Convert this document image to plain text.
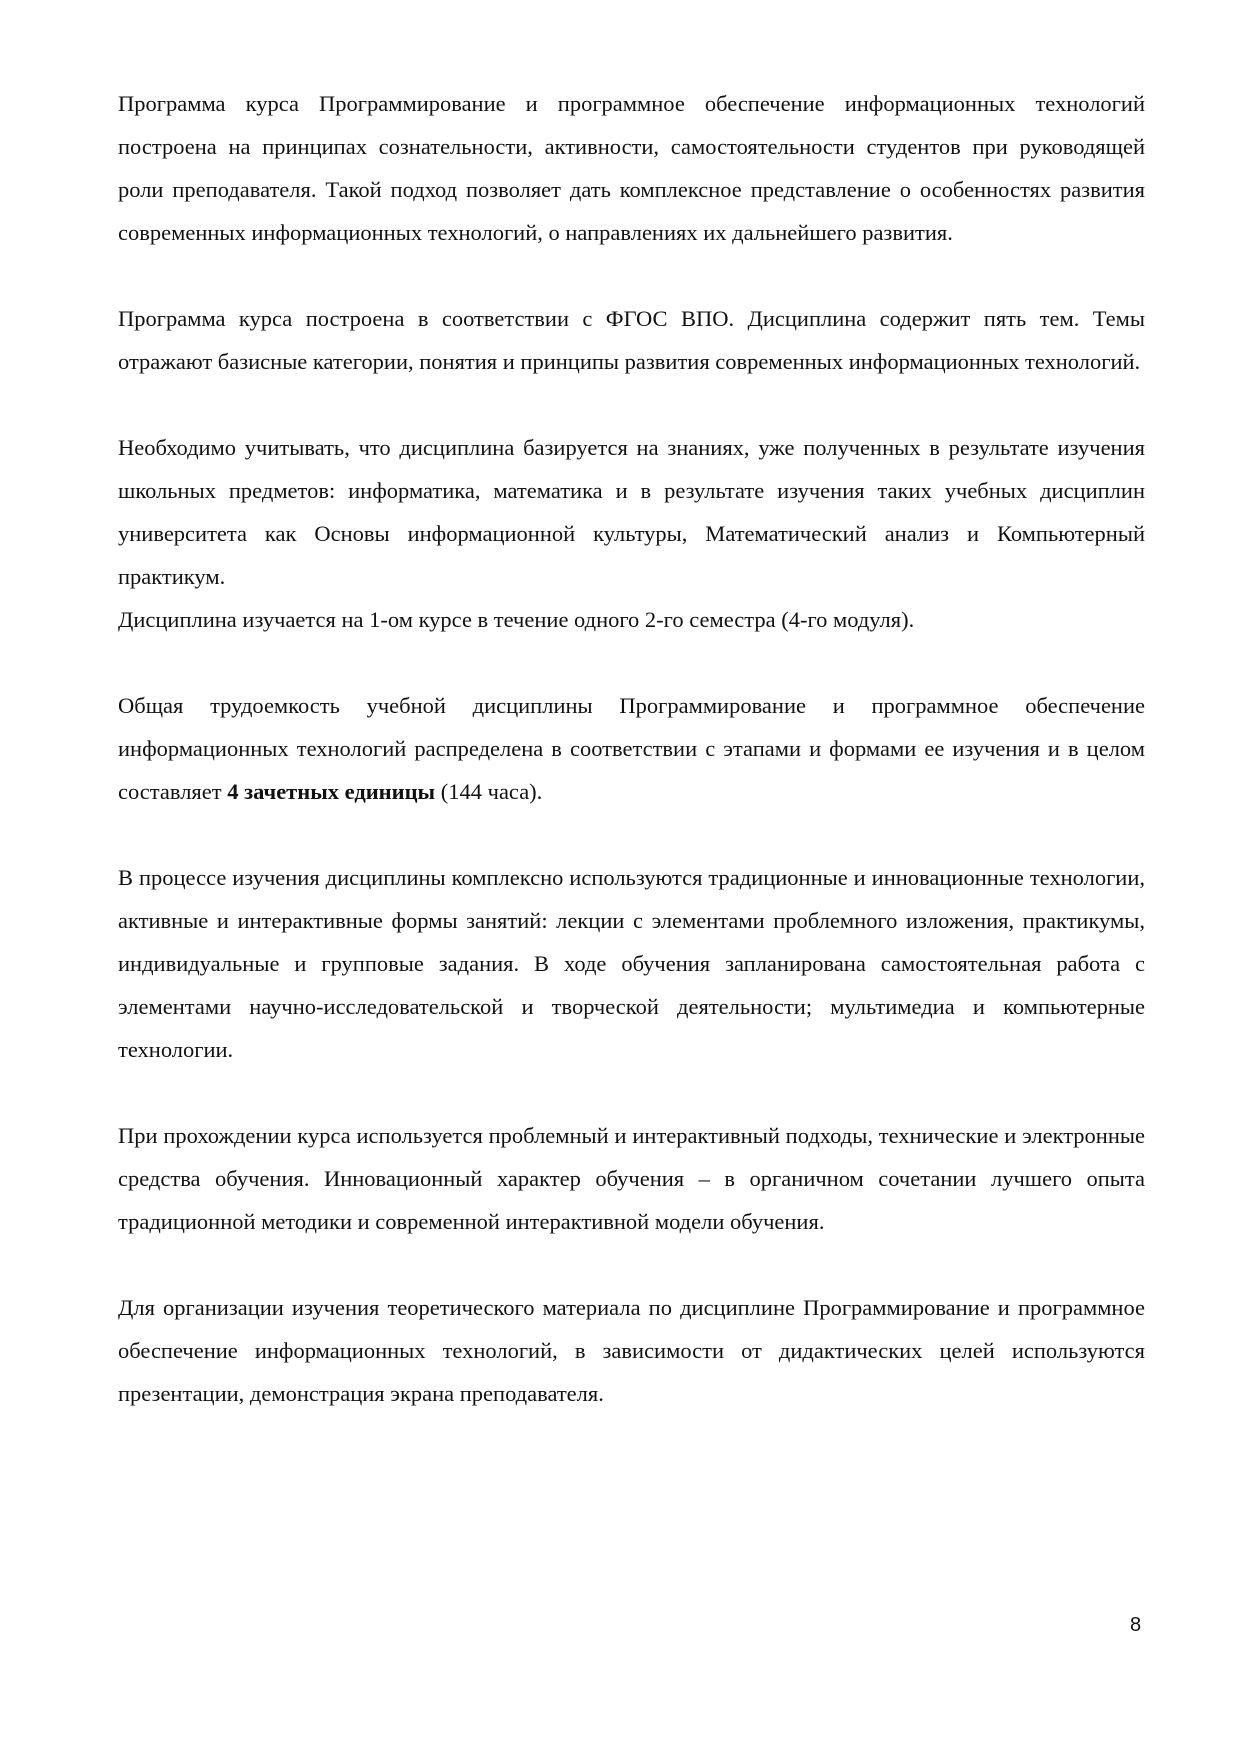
Программа курса Программирование и программное обеспечение информационных технологий построена на принципах сознательности, активности, самостоятельности студентов при руководящей роли преподавателя. Такой подход позволяет дать комплексное представление о особенностях развития современных информационных технологий, о направлениях их дальнейшего развития.

Программа курса построена в соответствии с ФГОС ВПО. Дисциплина содержит пять тем. Темы отражают базисные категории, понятия и принципы развития современных информационных технологий.

Необходимо учитывать, что дисциплина базируется на знаниях, уже полученных в результате изучения школьных предметов: информатика, математика и в результате изучения таких учебных дисциплин университета как Основы информационной культуры, Математический анализ и Компьютерный практикум.

Дисциплина изучается на 1-ом курсе в течение одного 2-го семестра (4-го модуля).

Общая трудоемкость учебной дисциплины Программирование и программное обеспечение информационных технологий распределена в соответствии с этапами и формами ее изучения и в целом составляет 4 зачетных единицы (144 часа).

В процессе изучения дисциплины комплексно используются традиционные и инновационные технологии, активные и интерактивные формы занятий: лекции с элементами проблемного изложения, практикумы, индивидуальные и групповые задания. В ходе обучения запланирована самостоятельная работа с элементами научно-исследовательской и творческой деятельности; мультимедиа и компьютерные технологии.

При прохождении курса используется проблемный и интерактивный подходы, технические и электронные средства обучения. Инновационный характер обучения – в органичном сочетании лучшего опыта традиционной методики и современной интерактивной модели обучения.

Для организации изучения теоретического материала по дисциплине Программирование и программное обеспечение информационных технологий, в зависимости от дидактических целей используются презентации, демонстрация экрана преподавателя.

8
